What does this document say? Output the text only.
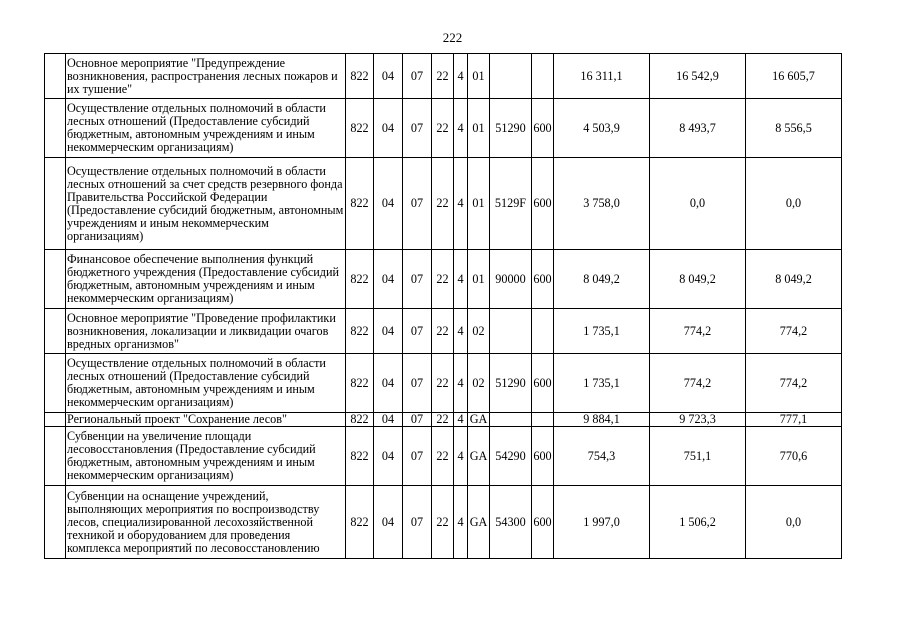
222
	Основное мероприятие "Предупреждение возникновения, распространения лесных пожаров и их тушение"	822	04	07	22	4	01			16 311,1	16 542,9	16 605,7
	Осуществление отдельных полномочий в области лесных отношений (Предоставление субсидий бюджетным, автономным учреждениям и иным некоммерческим организациям)	822	04	07	22	4	01	51290	600	4 503,9	8 493,7	8 556,5
	Осуществление отдельных полномочий в области лесных отношений за счет средств резервного фонда Правительства Российской Федерации (Предоставление субсидий бюджетным, автономным учреждениям и иным некоммерческим организациям)	822	04	07	22	4	01	5129F	600	3 758,0	0,0	0,0
	Финансовое обеспечение выполнения функций бюджетного учреждения (Предоставление субсидий бюджетным, автономным учреждениям и иным некоммерческим организациям)	822	04	07	22	4	01	90000	600	8 049,2	8 049,2	8 049,2
	Основное мероприятие "Проведение профилактики возникновения, локализации и ликвидации очагов вредных организмов"	822	04	07	22	4	02			1 735,1	774,2	774,2
	Осуществление отдельных полномочий в области лесных отношений (Предоставление субсидий бюджетным, автономным учреждениям и иным некоммерческим организациям)	822	04	07	22	4	02	51290	600	1 735,1	774,2	774,2
	Региональный проект "Сохранение лесов"	822	04	07	22	4	GA			9 884,1	9 723,3	777,1
	Субвенции на увеличение площади лесовосстановления (Предоставление субсидий бюджетным, автономным учреждениям и иным некоммерческим организациям)	822	04	07	22	4	GA	54290	600	754,3	751,1	770,6
	Субвенции на оснащение учреждений, выполняющих мероприятия по воспроизводству лесов, специализированной лесохозяйственной техникой и оборудованием для проведения комплекса мероприятий по лесовосстановлению	822	04	07	22	4	GA	54300	600	1 997,0	1 506,2	0,0
